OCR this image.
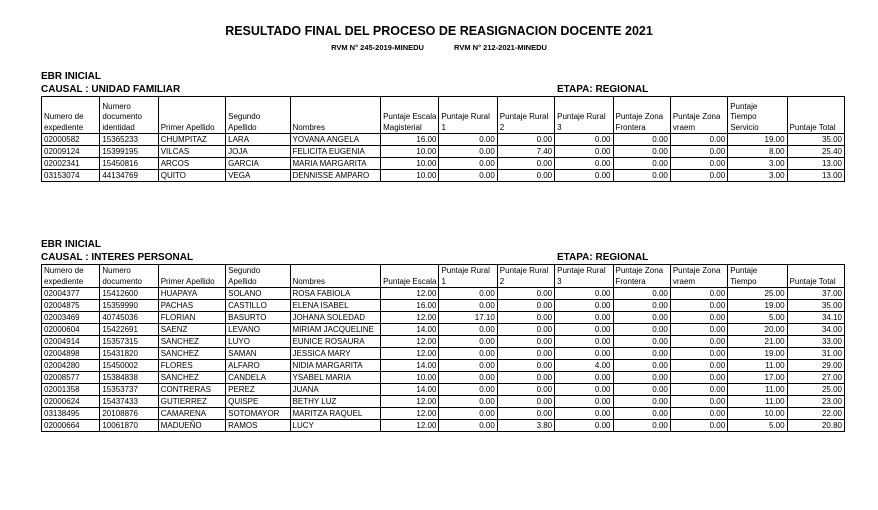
RESULTADO FINAL DEL PROCESO DE REASIGNACION DOCENTE 2021
RVM N° 245-2019-MINEDU	RVM N° 212-2021-MINEDU
EBR INICIAL
CAUSAL : UNIDAD FAMILIAR	ETAPA: REGIONAL
Numero de expediente	Numero documento identidad	Primer Apellido	Segundo Apellido	Nombres	Puntaje Escala Magisterial	Puntaje Rural 1	Puntaje Rural 2	Puntaje Rural 3	Puntaje Zona Frontera	Puntaje Zona vraem	Puntaje Tiempo Servicio	Puntaje Total
02000582	15365233	CHUMPITAZ	LARA	YOVANA ANGELA	16.00	0.00	0.00	0.00	0.00	0.00	19.00	35.00
02009124	15399195	VILCAS	JOJA	FELICITA EUGENIA	10.00	0.00	7.40	0.00	0.00	0.00	8.00	25.40
02002341	15450816	ARCOS	GARCIA	MARIA MARGARITA	10.00	0.00	0.00	0.00	0.00	0.00	3.00	13.00
03153074	44134769	QUITO	VEGA	DENNISSE AMPARO	10.00	0.00	0.00	0.00	0.00	0.00	3.00	13.00
EBR INICIAL
CAUSAL : INTERES PERSONAL	ETAPA: REGIONAL
Numero de expediente	Numero documento	Primer Apellido	Segundo Apellido	Nombres	Puntaje Escala	Puntaje Rural 1	Puntaje Rural 2	Puntaje Rural 3	Puntaje Zona Frontera	Puntaje Zona vraem	Puntaje Tiempo	Puntaje Total
02004377	15412600	HUAPAYA	SOLANO	ROSA FABIOLA	12.00	0.00	0.00	0.00	0.00	0.00	25.00	37.00
02004875	15359990	PACHAS	CASTILLO	ELENA ISABEL	16.00	0.00	0.00	0.00	0.00	0.00	19.00	35.00
02003469	40745036	FLORIAN	BASURTO	JOHANA SOLEDAD	12.00	17.10	0.00	0.00	0.00	0.00	5.00	34.10
02000604	15422691	SAENZ	LEVANO	MIRIAM JACQUELINE	14.00	0.00	0.00	0.00	0.00	0.00	20.00	34.00
02004914	15357315	SANCHEZ	LUYO	EUNICE ROSAURA	12.00	0.00	0.00	0.00	0.00	0.00	21.00	33.00
02004898	15431820	SANCHEZ	SAMAN	JESSICA MARY	12.00	0.00	0.00	0.00	0.00	0.00	19.00	31.00
02004280	15450002	FLORES	ALFARO	NIDIA MARGARITA	14.00	0.00	0.00	4.00	0.00	0.00	11.00	29.00
02008577	15384838	SANCHEZ	CANDELA	YSABEL MARIA	10.00	0.00	0.00	0.00	0.00	0.00	17.00	27.00
02001358	15353737	CONTRERAS	PEREZ	JUANA	14.00	0.00	0.00	0.00	0.00	0.00	11.00	25.00
02000624	15437433	GUTIERREZ	QUISPE	BETHY LUZ	12.00	0.00	0.00	0.00	0.00	0.00	11.00	23.00
03138495	20108876	CAMARENA	SOTOMAYOR	MARITZA RAQUEL	12.00	0.00	0.00	0.00	0.00	0.00	10.00	22.00
02000664	10061870	MADUEÑO	RAMOS	LUCY	12.00	0.00	3.80	0.00	0.00	0.00	5.00	20.80
